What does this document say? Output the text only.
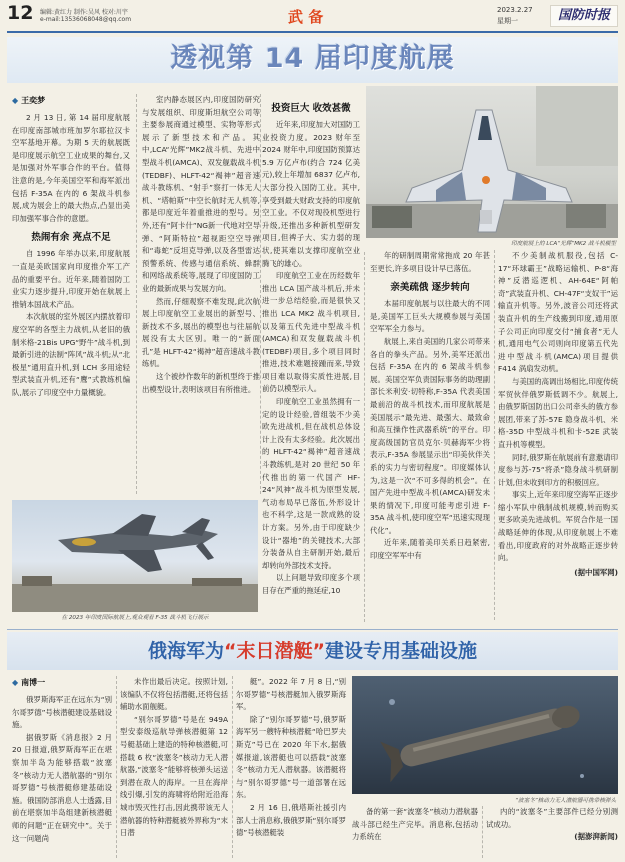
12 编辑:黄红力 制作:吴风 校对:川宇
e-mail:13536068048@qq.com	武 备	2023.2.27
星期一	国防时报
透视第 14 届印度航展
◆ 王奕梦

2 月 13 日, 第 14 届印度航展在印度南部城市班加罗尔耶拉汉卡空军基地开幕。为期 5 天的航展既是印度展示航空工业成果的舞台,又是加强对外军事合作的平台。值得注意的是,今年美国空军和海军派出包括 F-35A 在内的 6 架战斗机参展,成为展会上的最大热点,凸显出美印加强军事合作的意愿。

热闹有余 亮点不足

自 1996 年举办以来,印度航展一直是美欧国家向印度推介军工产品的重要平台。近年来,随着国防工业实力逐步提升,印度开始在航展上推销本国战术产品。

本次航展的室外展区内摆放着印度空军的各型主力战机,从老旧的俄制米格-21Bis UPG“野牛”战斗机,到最新引进的法制“阵风”战斗机;从“北极星”通用直升机,到 LCH 多用途轻型武装直升机,还有“鹰”式教练机编队,展示了印度空中力量概貌。

室内静态展区内,印度国防研究与发展组织、印度斯坦航空公司等主要参展商通过模型、实物等形式展示了新型技术和产品。其中,LCA“光辉”MK2战斗机、先进中型战斗机(AMCA)、双发舰载战斗机(TEDBF)、HLFT-42“褐神”超音速战斗教练机、“射手”察打一体无人机、“塔帕斯”中空长航时无人机等,都是印度近年着重推进的型号。另外,还有“阿卡什”NG新一代地对空导弹、“阿斯特拉”超视距空空导弹和“毒蛇”反坦克导弹,以及各型雷达预警系统、传感与通信系统、蜂群和网络战系统等,展现了印度国防工业的最新成果与发展方向。

然而,仔细观察不难发现,此次航展上印度航空工业展出的新型号、新技术不多,展出的模型也与往届航展没有太大区别。唯一的“新面孔”是 HLFT-42“褐神”超音速战斗教练机。

这个被炒作数年的新机型终于推出模型设计,表明该项目有所推进。

投资巨大 收效甚微

近年来,印度加大对国防工业投资力度。2023 财年至 2024 财年中,印度国防预算达 5.9 万亿卢布(约合 724 亿美元),较上年增加 6837 亿卢布,大部分投入国防工业。其中,享受到最大财政支持的印度航空工业。不仅对现役机型进行升级,还推出多种新机型研发项目,但裨子大、实力弱的现状,使其难以支撑印度航空业腾飞的雄心。

印度航空工业在历经数年推出 LCA 国产战斗机后,并未进一步总结经验,而是很快又推出 LCA MK2 战斗机项目,以及第五代先进中型战斗机(AMCA)和双发舰载战斗机(TEDBF)项目,多个项目同时推进,技术难题接踵而来,导致项目难以取得实质性进展,目前仍以模型示人。

印度航空工业虽然拥有一定的设计经验,曾组装不少美欧先进战机,但在战机总体设计上没有太多经验。此次展出的 HLFT-42“褐神”超音速战斗教练机,是对 20 世纪 50 年代推出的第一代国产 HF-24“风神”战斗机为原型发展,气动布局早已落伍,外形设计也不科学,这是一款成熟的设计方案。另外,由于印度缺少设计“器地”的关键技术,大部分装备从自主研制开始,最后却转向外部技术支持。

以上问题导致印度多个项目存在严重的拖延症,10

印度航展上的 LCA“光辉”MK2 战斗机模型

年的研制周期常常拖成 20 年甚至更长,许多项目设计早已落伍。

亲美疏俄 逐步转向

本届印度航展与以往最大的不同是,美国军工巨头大规模参展与美国空军军全力参与。

航展上,来自美国的几家公司带来各自的拳头产品。另外,美军还派出包括 F-35A 在内的 6 架战斗机参展。美国空军负责国际事务的助理副部长米利安·切特称,F-35A 代表美国最前沿的战斗机技术,而印度航展是美国展示“最先进、最强大、最致命和高互操作性武器系统”的平台。印度高级国防官员克尔·贝赫海军少将表示,F-35A 参展显示出“印美伙伴关系的实力与密切程度”。印度媒体认为,这是一次“不可多得的机会”。在国产先进中型战斗机(AMCA)研发未果的情况下,印度可能考虑引进 F-35A 战斗机,使印度空军“迅速实现现代化”。

近年来,随着美印关系日趋紧密,印度空军军中有

不少美制战机服役,包括 C-17“环球霸王”战略运输机、P-8“海神”反潜巡逻机、AH-64E“阿帕奇”武装直升机、CH-47F“支奴干”运输直升机等。另外,波音公司还将武装直升机的生产线搬到印度,通用原子公司正向印度交付“捕食者”无人机,通用电气公司则向印度第五代先进中型战斗机(AMCA)项目提供 F414 涡扇发动机。

与美国的高调出场相比,印度传统军贸伙伴俄罗斯低调不少。航展上,由俄罗斯国防出口公司牵头的俄方参展团,带来了苏-57E 隐身战斗机、米格-35D 中型战斗机和卡-52E 武装直升机等模型。

同时,俄罗斯在航展前有意邀请印度参与苏-75“将杀”隐身战斗机研制计划,但未收到印方的积极回应。

事实上,近年来印度空海军正逐步缩小军队中俄制战机规模,转而购买更多欧美先进战机。军贸合作是一国战略延伸的体现,从印度航展上不难看出,印度政府的对外战略正逐步转向。

(据中国军网)
在 2023 年印度国际航展上,观众观看 F-35 战斗机飞行展示
俄海军为“末日潜艇”建设专用基础设施
◆ 南博一

俄罗斯海军正在远东为“别尔哥罗德”号核潜艇建设基础设施。

据俄罗斯《消息报》2 月 20 日报道,俄罗斯海军正在堪察加半岛为能够搭载“波塞冬”核动力无人潜航器的“别尔哥罗德”号核潜艇修建基础设施。俄国防部消息人士透露,目前在堪察加半岛组建新核潜艇师的问题“正在研究中”。关于这一问题尚

未作出最后决定。按照计划,该编队不仅将包括潜艇,还将包括辅助水面舰艇。

“别尔哥罗德”号是在 949A 型安泰级巡航导弹核潜艇第 12 号艇基础上建造的特种核潜艇,可搭载 6 枚“波塞冬”核动力无人潜航器,“波塞冬”能够将核弹头运送到潜在敌人的海岸。一旦在海岸线引爆,引发的海啸将给附近沿海城市毁灭性打击,因此携带该无人潜航器的特种潜艇被外界称为“末日潜

艇”。2022 年 7 月 8 日,“别尔哥罗德”号核潜艇加入俄罗斯海军。

除了“别尔哥罗德”号,俄罗斯海军另一艘特种核潜艇“哈巴罗夫斯克”号已在 2020 年下水,据俄媒报道,该潜艇也可以搭载“波塞冬”核动力无人潜航器。该潜艇将与“别尔哥罗德”号一道部署在远东。

2 月 16 日,俄塔斯社援引内部人士消息称,俄俄罗斯“别尔哥罗德”号核潜艇装

“波塞冬”核动力无人潜航器可携带核弹头

备的第一套“波塞冬”核动力潜航器战斗部已经生产完毕。消息称,包括动力系统在

内的“波塞冬”主要部件已经分别测试成功。

(据澎湃新闻)
